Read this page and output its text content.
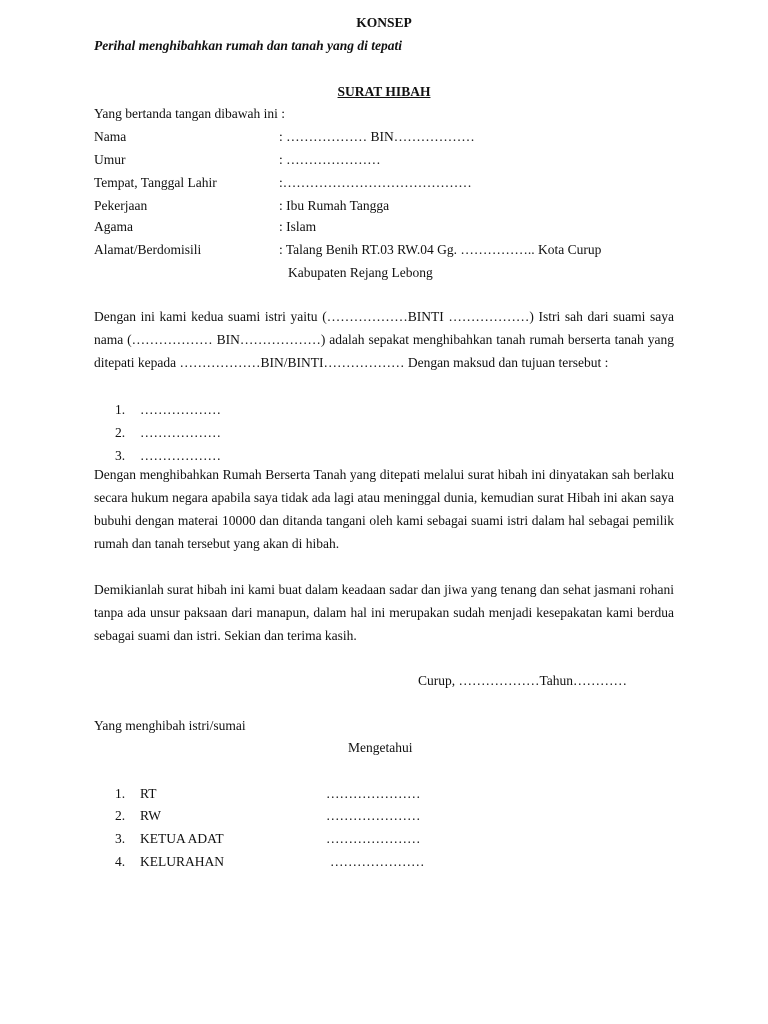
KONSEP
Perihal menghibahkan rumah dan tanah yang di tepati
SURAT HIBAH
Yang bertanda tangan dibawah ini :
Nama	: ……………… BIN………………
Umur	: …………………
Tempat, Tanggal Lahir	:……………………………………
Pekerjaan	: Ibu Rumah Tangga
Agama	: Islam
Alamat/Berdomisili	: Talang Benih RT.03 RW.04 Gg. …………….. Kota Curup
Kabupaten Rejang Lebong
Dengan ini kami kedua suami istri yaitu (………………BINTI ………………) Istri sah dari suami saya nama (……………… BIN………………) adalah sepakat menghibahkan tanah rumah berserta tanah yang ditepati kepada ………………BIN/BINTI……………… Dengan maksud dan tujuan tersebut :
1. ………………
2. ………………
3. ………………
Dengan menghibahkan Rumah Berserta Tanah yang ditepati melalui surat hibah ini dinyatakan sah berlaku secara hukum negara apabila saya tidak ada lagi atau meninggal dunia, kemudian surat Hibah ini akan saya bubuhi dengan materai 10000 dan ditanda tangani oleh kami sebagai suami istri dalam hal sebagai pemilik rumah dan tanah tersebut yang akan di hibah.
Demikianlah surat hibah ini kami buat dalam keadaan sadar dan jiwa yang tenang dan sehat jasmani rohani tanpa ada unsur paksaan dari manapun, dalam hal ini merupakan sudah menjadi kesepakatan kami berdua sebagai suami dan istri. Sekian dan terima kasih.
Curup, ………………Tahun…………
Yang menghibah istri/sumai
Mengetahui
1. RT	…………………
2. RW	…………………
3. KETUA ADAT	…………………
4. KELURAHAN	…………………
